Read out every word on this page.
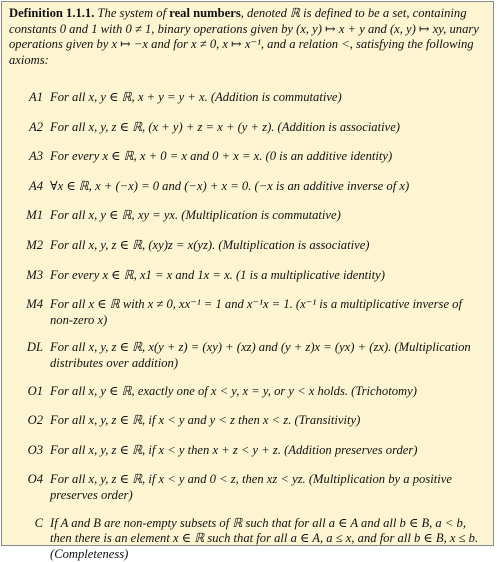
Definition 1.1.1. The system of real numbers, denoted ℝ is defined to be a set, containing constants 0 and 1 with 0 ≠ 1, binary operations given by (x, y) ↦ x + y and (x, y) ↦ xy, unary operations given by x ↦ −x and for x ≠ 0, x ↦ x⁻¹, and a relation <, satisfying the following axioms:

A1 For all x, y ∈ ℝ, x + y = y + x. (Addition is commutative)
A2 For all x, y, z ∈ ℝ, (x + y) + z = x + (y + z). (Addition is associative)
A3 For every x ∈ ℝ, x + 0 = x and 0 + x = x. (0 is an additive identity)
A4 ∀x ∈ ℝ, x + (−x) = 0 and (−x) + x = 0. (−x is an additive inverse of x)
M1 For all x, y ∈ ℝ, xy = yx. (Multiplication is commutative)
M2 For all x, y, z ∈ ℝ, (xy)z = x(yz). (Multiplication is associative)
M3 For every x ∈ ℝ, x1 = x and 1x = x. (1 is a multiplicative identity)
M4 For all x ∈ ℝ with x ≠ 0, xx⁻¹ = 1 and x⁻¹x = 1. (x⁻¹ is a multiplicative inverse of non-zero x)
DL For all x, y, z ∈ ℝ, x(y + z) = (xy) + (xz) and (y + z)x = (yx) + (zx). (Multiplication distributes over addition)
O1 For all x, y ∈ ℝ, exactly one of x < y, x = y, or y < x holds. (Trichotomy)
O2 For all x, y, z ∈ ℝ, if x < y and y < z then x < z. (Transitivity)
O3 For all x, y, z ∈ ℝ, if x < y then x + z < y + z. (Addition preserves order)
O4 For all x, y, z ∈ ℝ, if x < y and 0 < z, then xz < yz. (Multiplication by a positive preserves order)
C If A and B are non-empty subsets of ℝ such that for all a ∈ A and all b ∈ B, a < b, then there is an element x ∈ ℝ such that for all a ∈ A, a ≤ x, and for all b ∈ B, x ≤ b. (Completeness)
